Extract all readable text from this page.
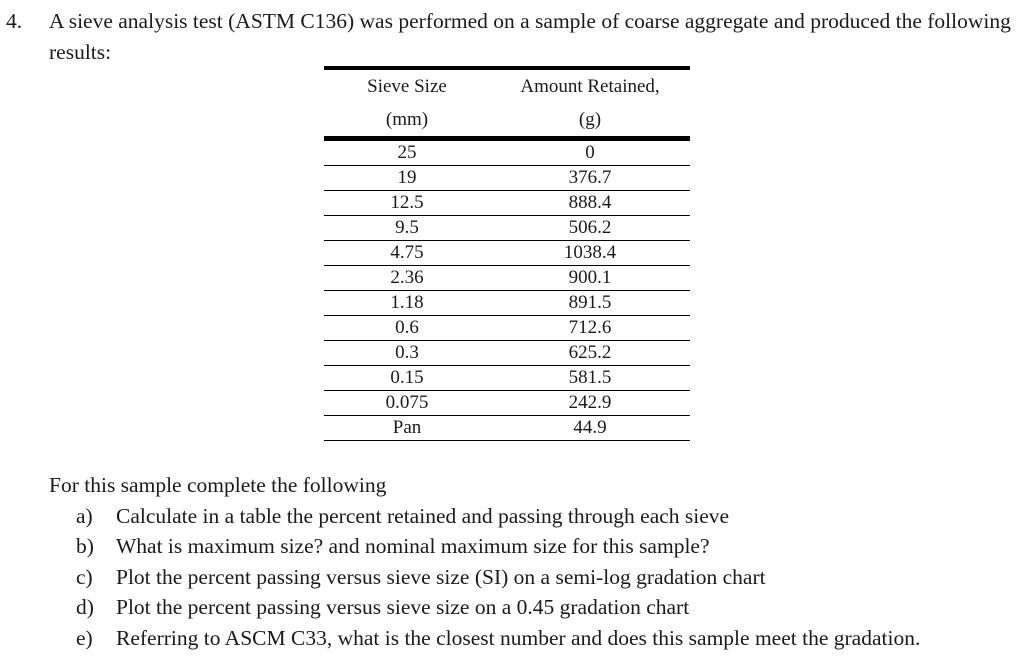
4. A sieve analysis test (ASTM C136) was performed on a sample of coarse aggregate and produced the following results:
Sieve Size	Amount Retained,
(mm)	(g)
25	0
19	376.7
12.5	888.4
9.5	506.2
4.75	1038.4
2.36	900.1
1.18	891.5
0.6	712.6
0.3	625.2
0.15	581.5
0.075	242.9
Pan	44.9
For this sample complete the following
a) Calculate in a table the percent retained and passing through each sieve
b) What is maximum size? and nominal maximum size for this sample?
c) Plot the percent passing versus sieve size (SI) on a semi-log gradation chart
d) Plot the percent passing versus sieve size on a 0.45 gradation chart
e) Referring to ASCM C33, what is the closest number and does this sample meet the gradation.
